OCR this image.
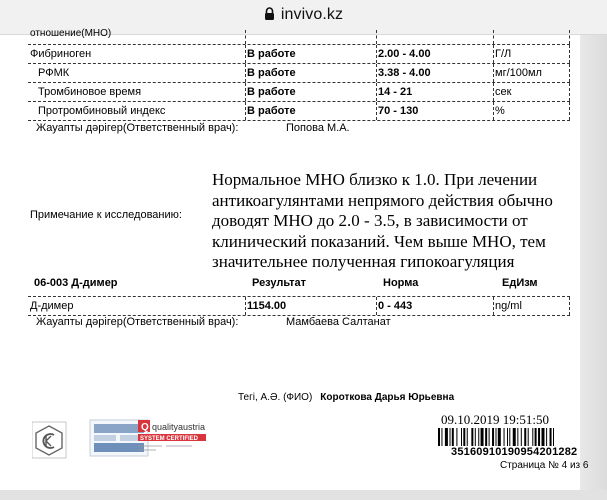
invivo.kz
отношение(МНО)
Фибриноген	В работе	2.00 - 4.00	Г/Л
РФМК	В работе	3.38 - 4.00	мг/100мл
Тромбиновое время	В работе	14 - 21	сек
Протромбиновый индекс	В работе	70 - 130	%
Жауапты дәрігер(Ответственный врач):	Попова М.А.
Примечание к исследованию:
Нормальное МНО близко к 1.0. При лечении антикоагулянтами непрямого действия обычно доводят МНО до 2.0 - 3.5, в зависимости от клинический показаний. Чем выше МНО, тем значительнее полученная гипокоагуляция
06-003 Д-димер	Результат	Норма	ЕдИзм
Д-димер	1154.00	0 - 443	ng/ml
Жауапты дәрігер(Ответственный врач):	Мамбаева Салтанат
Тегі, А.Ә. (ФИО) Короткова Дарья Юрьевна
Q qualityaustria
SYSTEM CERTIFIED
09.10.2019 19:51:50
3516091019095420128​2
Страница № 4 из 6
